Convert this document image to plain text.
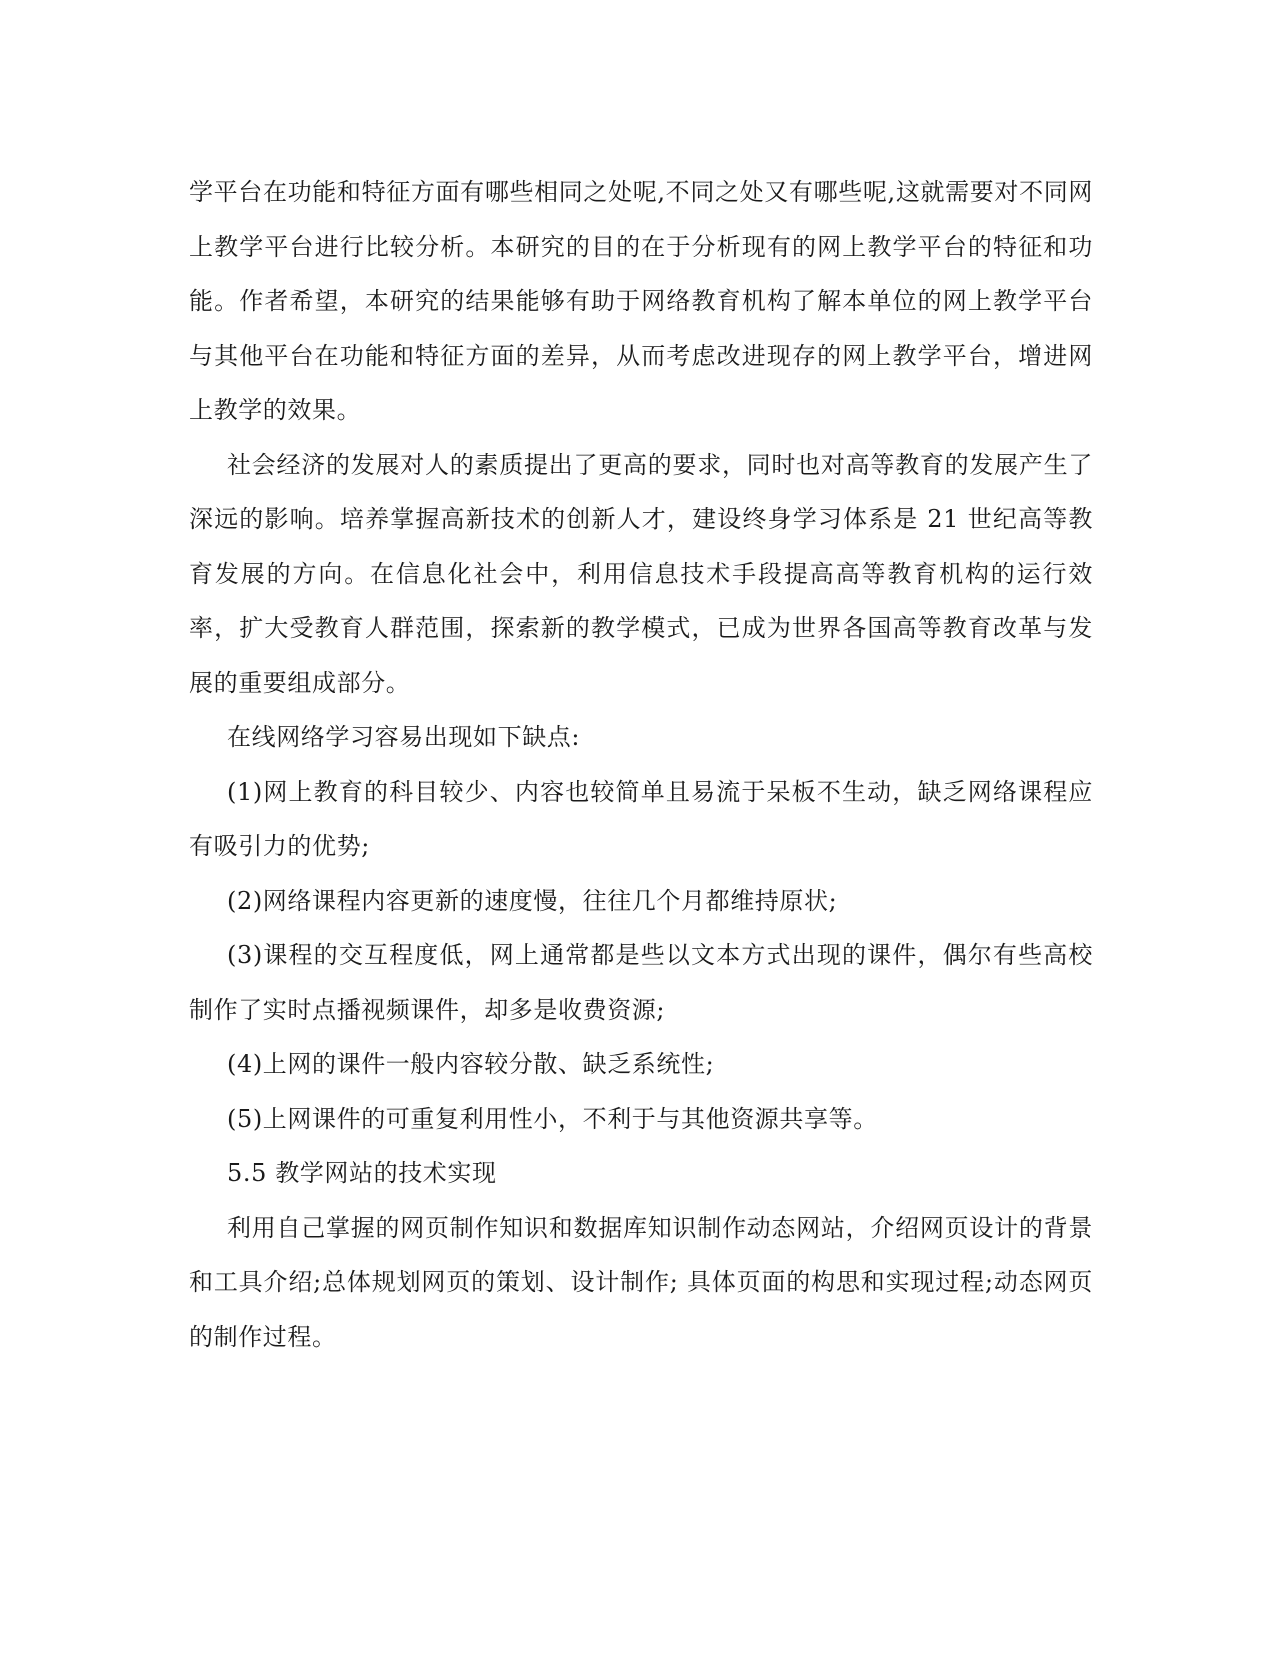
学平台在功能和特征方面有哪些相同之处呢,不同之处又有哪些呢,这就需要对不同网上教学平台进行比较分析。本研究的目的在于分析现有的网上教学平台的特征和功能。作者希望，本研究的结果能够有助于网络教育机构了解本单位的网上教学平台与其他平台在功能和特征方面的差异，从而考虑改进现存的网上教学平台，增进网上教学的效果。

社会经济的发展对人的素质提出了更高的要求，同时也对高等教育的发展产生了深远的影响。培养掌握高新技术的创新人才，建设终身学习体系是 21 世纪高等教育发展的方向。在信息化社会中，利用信息技术手段提高高等教育机构的运行效率，扩大受教育人群范围，探索新的教学模式，已成为世界各国高等教育改革与发展的重要组成部分。

在线网络学习容易出现如下缺点:

(1)网上教育的科目较少、内容也较简单且易流于呆板不生动，缺乏网络课程应有吸引力的优势;

(2)网络课程内容更新的速度慢，往往几个月都维持原状;

(3)课程的交互程度低，网上通常都是些以文本方式出现的课件，偶尔有些高校制作了实时点播视频课件，却多是收费资源;

(4)上网的课件一般内容较分散、缺乏系统性;

(5)上网课件的可重复利用性小，不利于与其他资源共享等。

5.5 教学网站的技术实现

利用自己掌握的网页制作知识和数据库知识制作动态网站，介绍网页设计的背景和工具介绍;总体规划网页的策划、设计制作; 具体页面的构思和实现过程;动态网页的制作过程。
